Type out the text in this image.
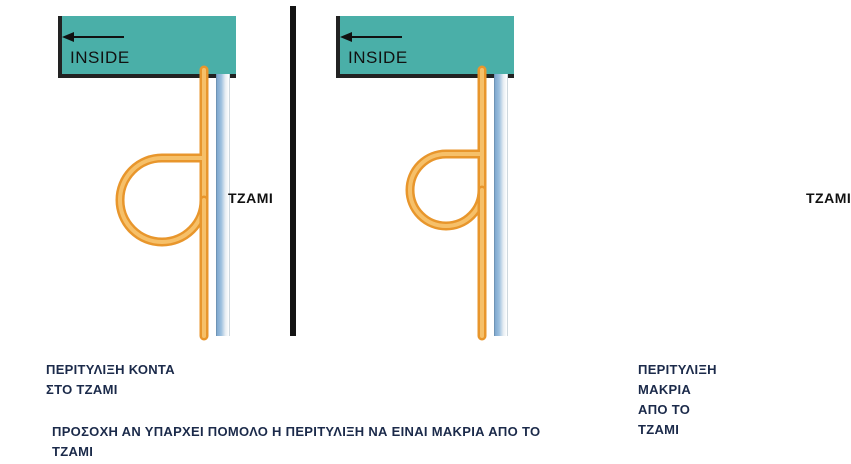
INSIDE
ΤΖΑΜΙ
ΠΕΡΙΤΥΛΙΞΗ ΚΟΝΤΑ
ΣΤΟ ΤΖΑΜΙ
INSIDE
ΤΖΑΜΙ
ΠΕΡΙΤΥΛΙΞΗ ΜΑΚΡΙΑ
ΑΠΟ ΤΟ ΤΖΑΜΙ
ΠΡΟΣΟΧΗ ΑΝ ΥΠΑΡΧΕΙ ΠΟΜΟΛΟ Η ΠΕΡΙΤΥΛΙΞΗ ΝΑ ΕΙΝΑΙ ΜΑΚΡΙΑ ΑΠΟ ΤΟ ΤΖΑΜΙ
